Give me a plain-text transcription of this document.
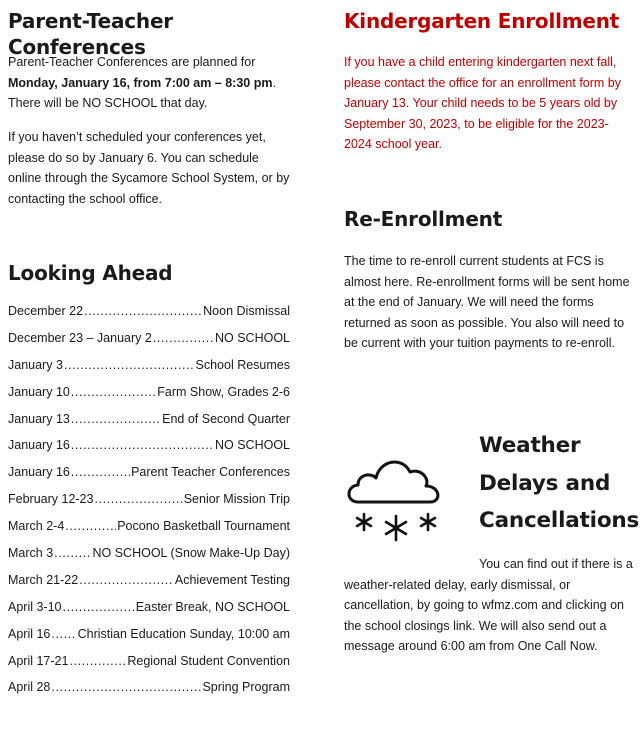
Parent-Teacher Conferences

Parent-Teacher Conferences are planned for Monday, January 16, from 7:00 am – 8:30 pm. There will be NO SCHOOL that day.

If you haven’t scheduled your conferences yet, please do so by January 6. You can schedule online through the Sycamore School System, or by contacting the school office.

Looking Ahead
December 22 .....	Noon Dismissal
December 23 – January 2 .....	NO SCHOOL
January 3 .....	School Resumes
January 10 .....	Farm Show, Grades 2-6
January 13 .....	End of Second Quarter
January 16 .....	NO SCHOOL
January 16 .....	Parent Teacher Conferences
February 12-23 .....	Senior Mission Trip
March 2-4 .....	Pocono Basketball Tournament
March 3 .....	NO SCHOOL (Snow Make-Up Day)
March 21-22 .....	Achievement Testing
April 3-10 .....	Easter Break, NO SCHOOL
April 16 ..... Christian Education Sunday, 10:00 am
April 17-21 .....	Regional Student Convention
April 28 .....	Spring Program
Kindergarten Enrollment

If you have a child entering kindergarten next fall, please contact the office for an enrollment form by January 13. Your child needs to be 5 years old by September 30, 2023, to be eligible for the 2023-2024 school year.

Re-Enrollment

The time to re-enroll current students at FCS is almost here. Re-enrollment forms will be sent home at the end of January. We will need the forms returned as soon as possible. You also will need to be current with your tuition payments to re-enroll.

Weather Delays and Cancellations

You can find out if there is a weather-related delay, early dismissal, or cancellation, by going to wfmz.com and clicking on the school closings link. We will also send out a message around 6:00 am from One Call Now.
